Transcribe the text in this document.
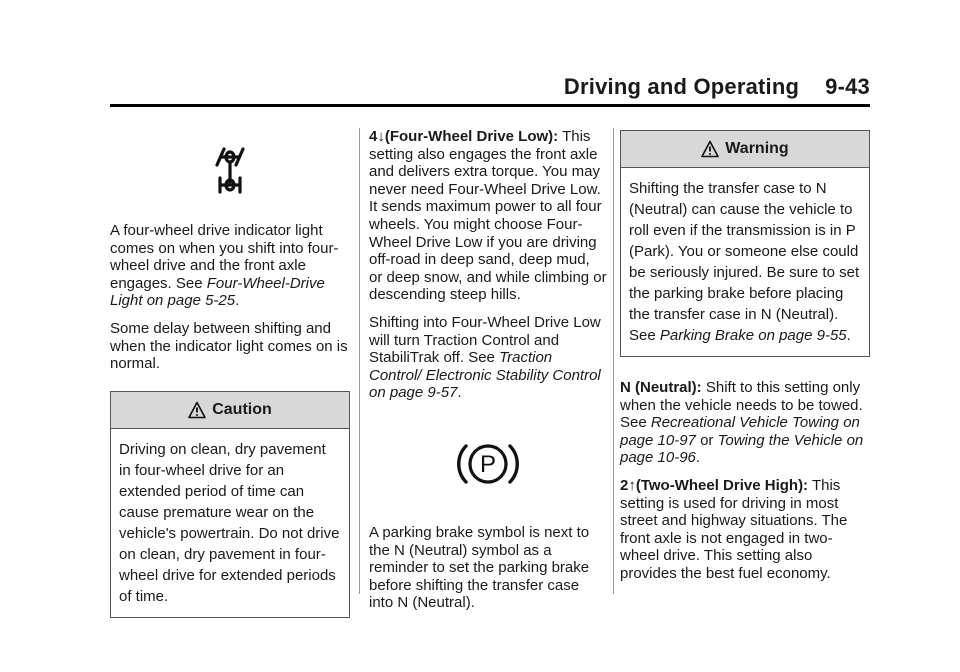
Driving and Operating 9-43

A four-wheel drive indicator light comes on when you shift into four-wheel drive and the front axle engages. See Four-Wheel-Drive Light on page 5-25.

Some delay between shifting and when the indicator light comes on is normal.

Caution
Driving on clean, dry pavement in four-wheel drive for an extended period of time can cause premature wear on the vehicle's powertrain. Do not drive on clean, dry pavement in four-wheel drive for extended periods of time.

4↓(Four-Wheel Drive Low): This setting also engages the front axle and delivers extra torque. You may never need Four-Wheel Drive Low. It sends maximum power to all four wheels. You might choose Four-Wheel Drive Low if you are driving off-road in deep sand, deep mud, or deep snow, and while climbing or descending steep hills.

Shifting into Four-Wheel Drive Low will turn Traction Control and StabiliTrak off. See Traction Control/ Electronic Stability Control on page 9-57.

P

A parking brake symbol is next to the N (Neutral) symbol as a reminder to set the parking brake before shifting the transfer case into N (Neutral).

Warning
Shifting the transfer case to N (Neutral) can cause the vehicle to roll even if the transmission is in P (Park). You or someone else could be seriously injured. Be sure to set the parking brake before placing the transfer case in N (Neutral). See Parking Brake on page 9-55.

N (Neutral): Shift to this setting only when the vehicle needs to be towed. See Recreational Vehicle Towing on page 10-97 or Towing the Vehicle on page 10-96.

2↑(Two-Wheel Drive High): This setting is used for driving in most street and highway situations. The front axle is not engaged in two-wheel drive. This setting also provides the best fuel economy.
